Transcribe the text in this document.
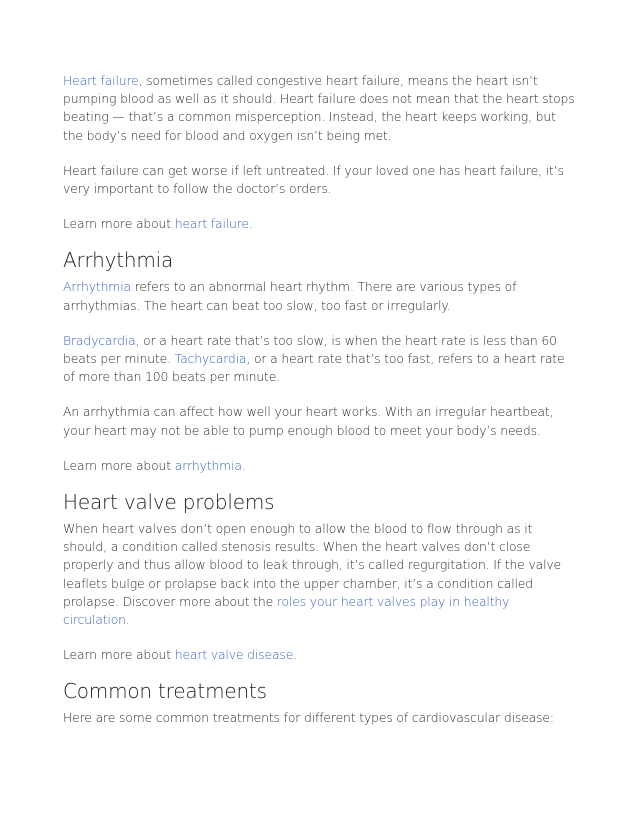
Heart failure, sometimes called congestive heart failure, means the heart isn’t pumping blood as well as it should. Heart failure does not mean that the heart stops beating — that’s a common misperception. Instead, the heart keeps working, but the body’s need for blood and oxygen isn’t being met.

Heart failure can get worse if left untreated. If your loved one has heart failure, it’s very important to follow the doctor’s orders.

Learn more about heart failure.

Arrhythmia

Arrhythmia refers to an abnormal heart rhythm. There are various types of arrhythmias. The heart can beat too slow, too fast or irregularly.

Bradycardia, or a heart rate that’s too slow, is when the heart rate is less than 60 beats per minute. Tachycardia, or a heart rate that’s too fast, refers to a heart rate of more than 100 beats per minute.

An arrhythmia can affect how well your heart works. With an irregular heartbeat, your heart may not be able to pump enough blood to meet your body’s needs.

Learn more about arrhythmia.

Heart valve problems

When heart valves don’t open enough to allow the blood to flow through as it should, a condition called stenosis results. When the heart valves don’t close properly and thus allow blood to leak through, it’s called regurgitation. If the valve leaflets bulge or prolapse back into the upper chamber, it’s a condition called prolapse. Discover more about the roles your heart valves play in healthy circulation.

Learn more about heart valve disease.

Common treatments

Here are some common treatments for different types of cardiovascular disease:
